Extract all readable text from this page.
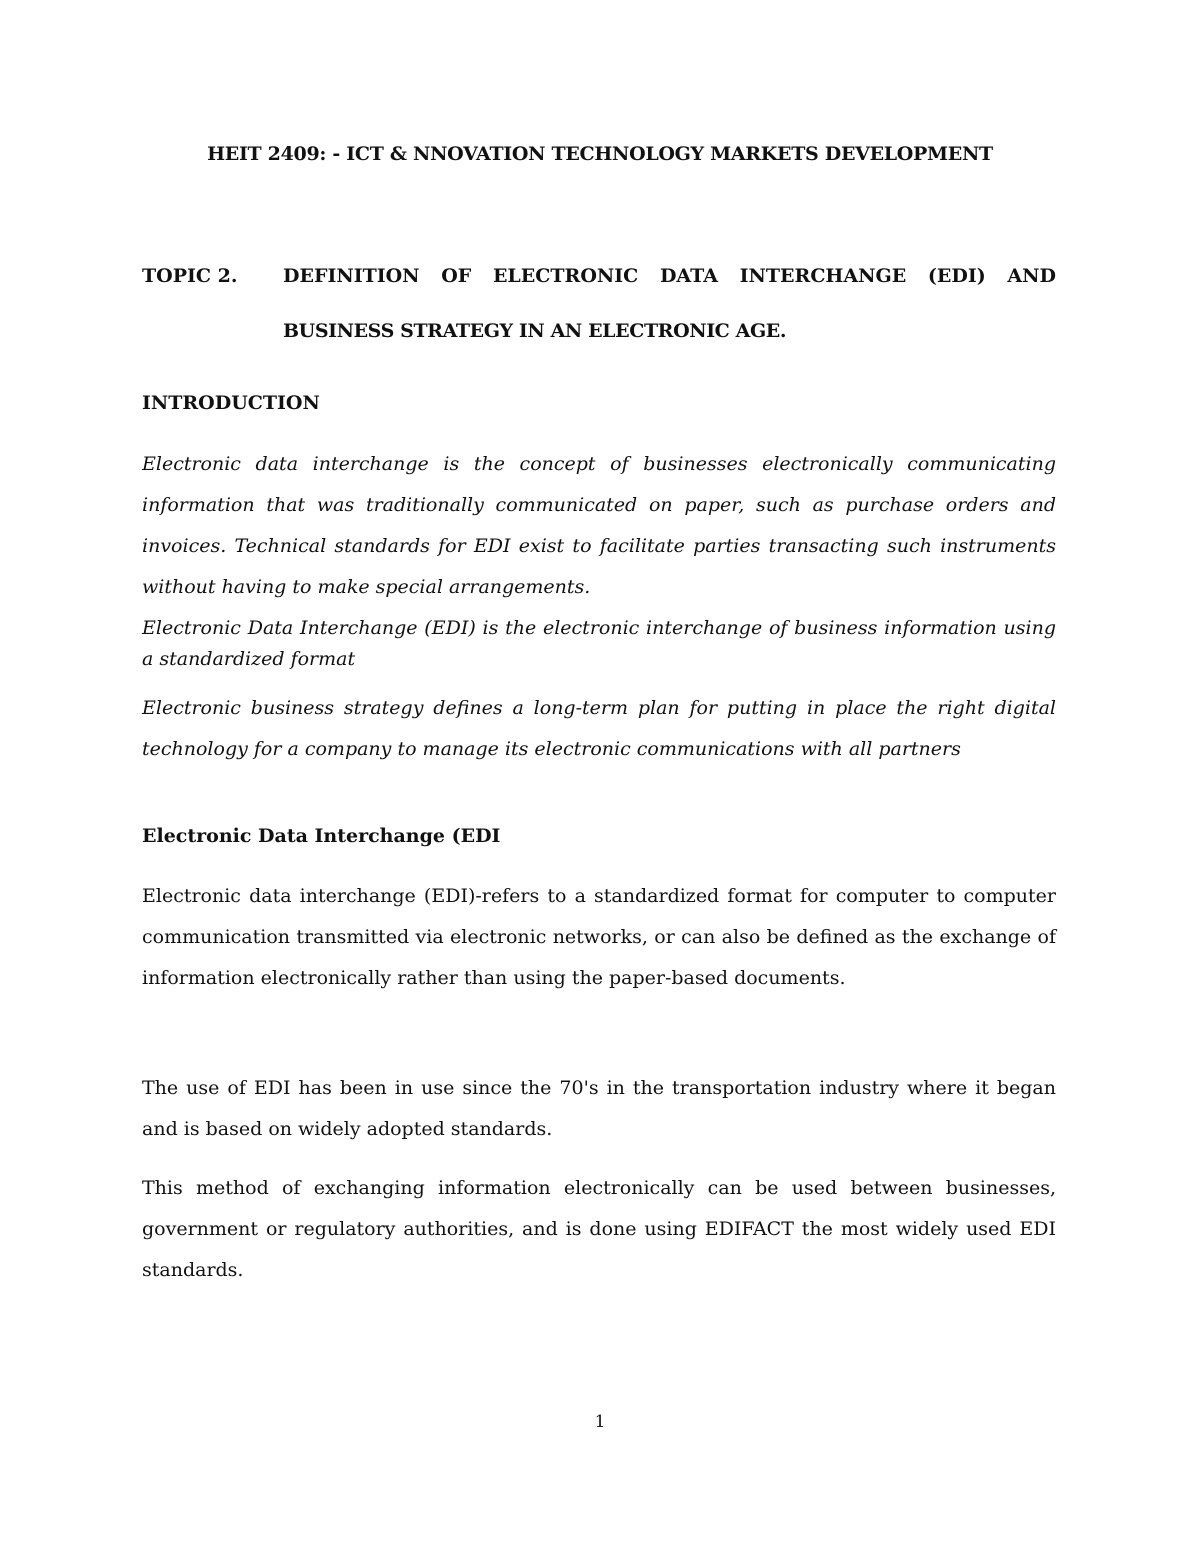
HEIT 2409: - ICT & NNOVATION TECHNOLOGY MARKETS DEVELOPMENT
TOPIC 2. DEFINITION OF ELECTRONIC DATA INTERCHANGE (EDI) AND
BUSINESS STRATEGY IN AN ELECTRONIC AGE.
INTRODUCTION

Electronic data interchange is the concept of businesses electronically communicating information that was traditionally communicated on paper, such as purchase orders and invoices. Technical standards for EDI exist to facilitate parties transacting such instruments without having to make special arrangements.

Electronic Data Interchange (EDI) is the electronic interchange of business information using a standardized format

Electronic business strategy defines a long-term plan for putting in place the right digital technology for a company to manage its electronic communications with all partners

Electronic Data Interchange (EDI

Electronic data interchange (EDI)-refers to a standardized format for computer to computer communication transmitted via electronic networks, or can also be defined as the exchange of information electronically rather than using the paper-based documents.

The use of EDI has been in use since the 70's in the transportation industry where it began and is based on widely adopted standards.

This method of exchanging information electronically can be used between businesses, government or regulatory authorities, and is done using EDIFACT the most widely used EDI standards.

1
